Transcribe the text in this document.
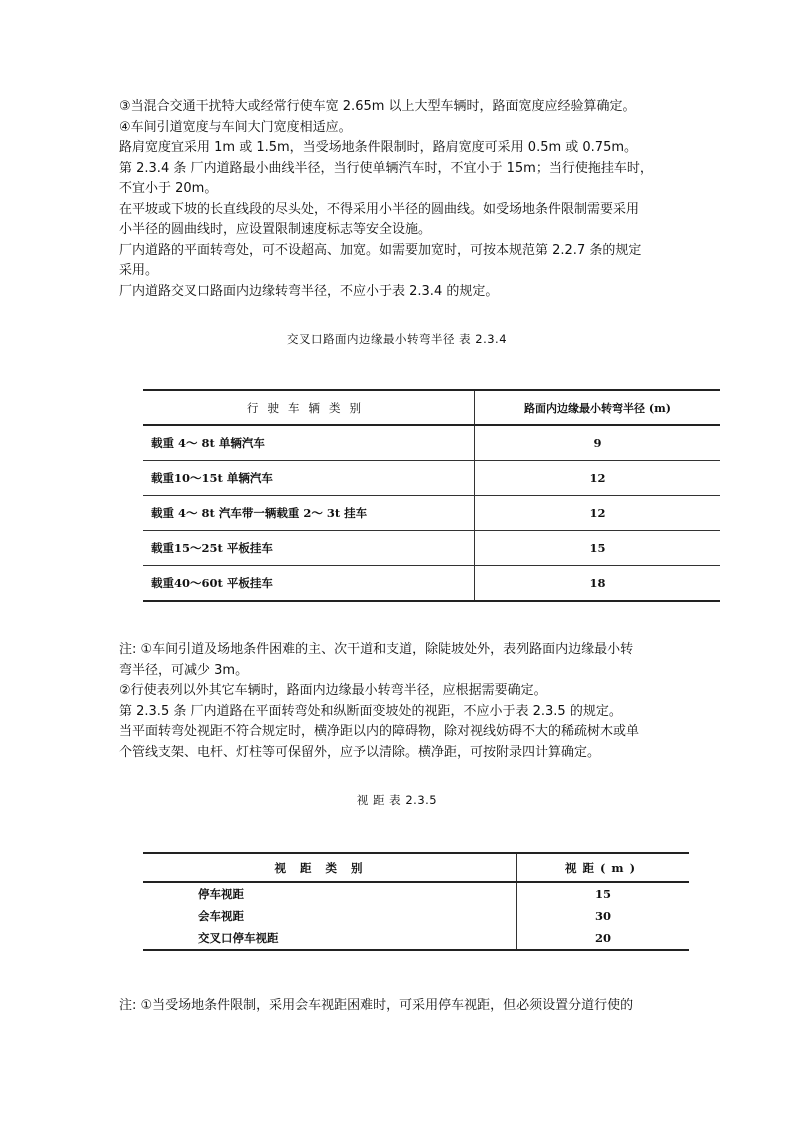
③当混合交通干扰特大或经常行使车宽 2.65m 以上大型车辆时，路面宽度应经验算确定。

④车间引道宽度与车间大门宽度相适应。

路肩宽度宜采用 1m 或 1.5m，当受场地条件限制时，路肩宽度可采用 0.5m 或 0.75m。

第 2.3.4 条 厂内道路最小曲线半径，当行使单辆汽车时，不宜小于 15m；当行使拖挂车时，

不宜小于 20m。

在平坡或下坡的长直线段的尽头处，不得采用小半径的圆曲线。如受场地条件限制需要采用

小半径的圆曲线时，应设置限制速度标志等安全设施。

厂内道路的平面转弯处，可不设超高、加宽。如需要加宽时，可按本规范第 2.2.7 条的规定

采用。

厂内道路交叉口路面内边缘转弯半径，不应小于表 2.3.4 的规定。

交叉口路面内边缘最小转弯半径 表 2.3.4
行驶车辆类别	路面内边缘最小转弯半径 (m)
载重 4～ 8t 单辆汽车	9
载重10～15t 单辆汽车	12
载重 4～ 8t 汽车带一辆载重 2～ 3t 挂车	12
载重15～25t 平板挂车	15
载重40～60t 平板挂车	18

注: ①车间引道及场地条件困难的主、次干道和支道，除陡坡处外，表列路面内边缘最小转

弯半径，可减少 3m。

②行使表列以外其它车辆时，路面内边缘最小转弯半径，应根据需要确定。

第 2.3.5 条 厂内道路在平面转弯处和纵断面变坡处的视距，不应小于表 2.3.5 的规定。

当平面转弯处视距不符合规定时，横净距以内的障碍物，除对视线妨碍不大的稀疏树木或单

个管线支架、电杆、灯柱等可保留外，应予以清除。横净距，可按附录四计算确定。

视 距 表 2.3.5
视距类别	视距(m)
停车视距	15
会车视距	30
交叉口停车视距	20

注: ①当受场地条件限制，采用会车视距困难时，可采用停车视距，但必须设置分道行使的
